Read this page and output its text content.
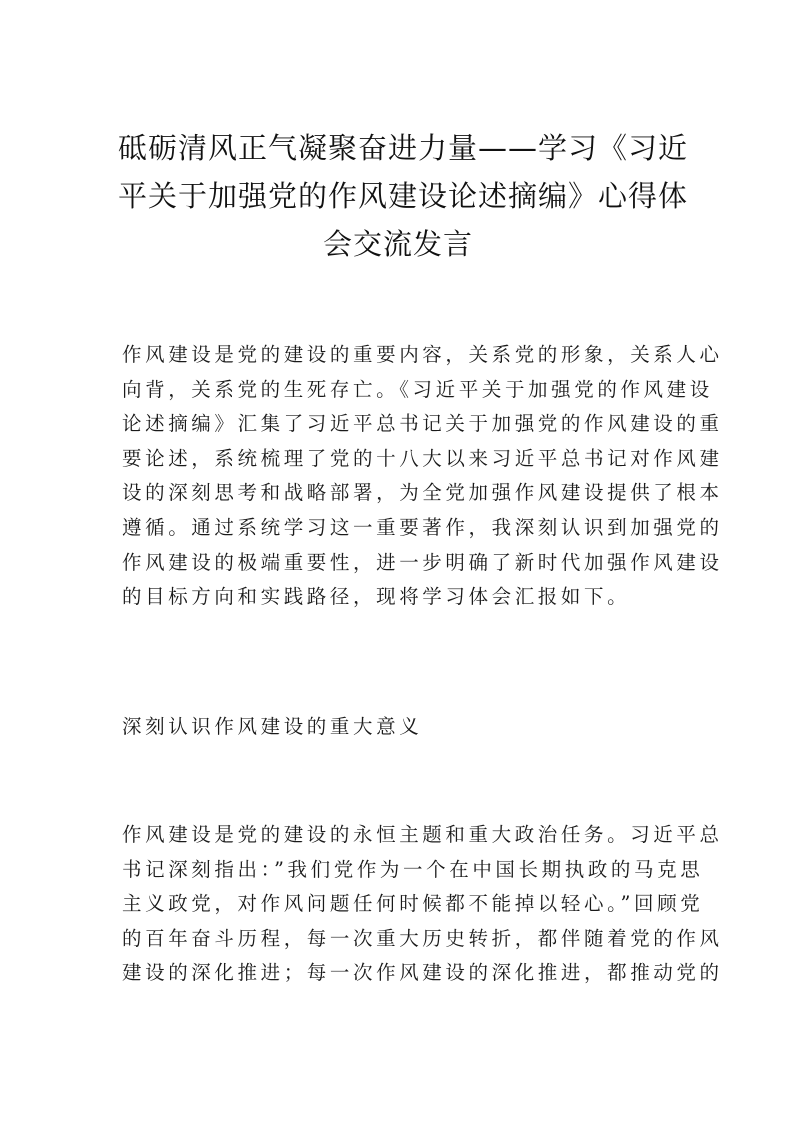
砥砺清风正气凝聚奋进力量——学习《习近
平关于加强党的作风建设论述摘编》心得体
会交流发言
作风建设是党的建设的重要内容，关系党的形象，关系人心
向背，关系党的生死存亡。《习近平关于加强党的作风建设
论述摘编》汇集了习近平总书记关于加强党的作风建设的重
要论述，系统梳理了党的十八大以来习近平总书记对作风建
设的深刻思考和战略部署，为全党加强作风建设提供了根本
遵循。通过系统学习这一重要著作，我深刻认识到加强党的
作风建设的极端重要性，进一步明确了新时代加强作风建设
的目标方向和实践路径，现将学习体会汇报如下。
深刻认识作风建设的重大意义
作风建设是党的建设的永恒主题和重大政治任务。习近平总
书记深刻指出：”我们党作为一个在中国长期执政的马克思
主义政党，对作风问题任何时候都不能掉以轻心。”回顾党
的百年奋斗历程，每一次重大历史转折，都伴随着党的作风
建设的深化推进；每一次作风建设的深化推进，都推动党的
